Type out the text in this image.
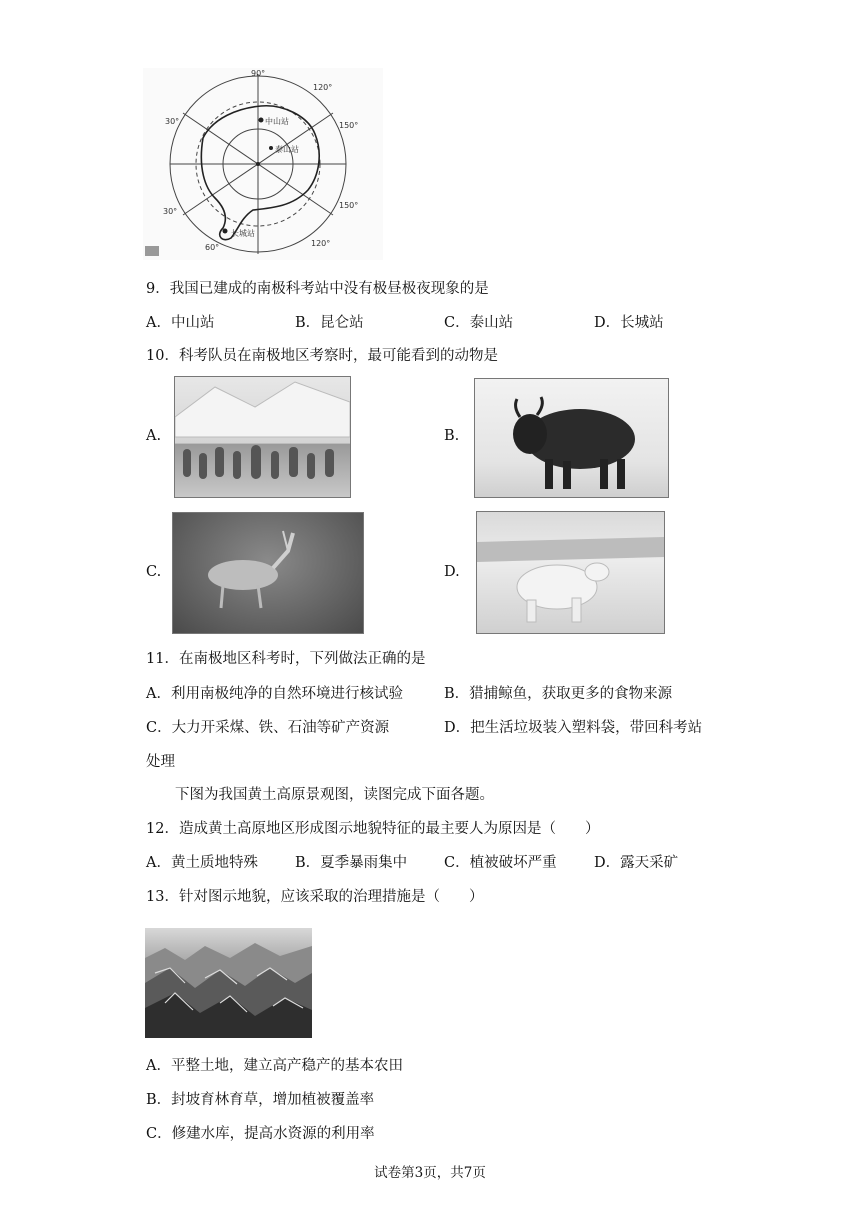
90°
120°
150°
150°
120°
60°
30°
30°	中山站
长城站
泰山站
9．我国已建成的南极科考站中没有极昼极夜现象的是
A．中山站	B．昆仑站	C．泰山站	D．长城站
10．科考队员在南极地区考察时，最可能看到的动物是
A.	B.
C.	D.
11．在南极地区科考时，下列做法正确的是
A．利用南极纯净的自然环境进行核试验	B．猎捕鲸鱼，获取更多的食物来源
C．大力开采煤、铁、石油等矿产资源	D．把生活垃圾装入塑料袋，带回科考站
处理
下图为我国黄土高原景观图，读图完成下面各题。
12．造成黄土高原地区形成图示地貌特征的最主要人为原因是（　　）
A．黄土质地特殊	B．夏季暴雨集中	C．植被破坏严重	D．露天采矿
13．针对图示地貌，应该采取的治理措施是（　　）
A．平整土地，建立高产稳产的基本农田
B．封坡育林育草，增加植被覆盖率
C．修建水库，提高水资源的利用率
试卷第3页，共7页
